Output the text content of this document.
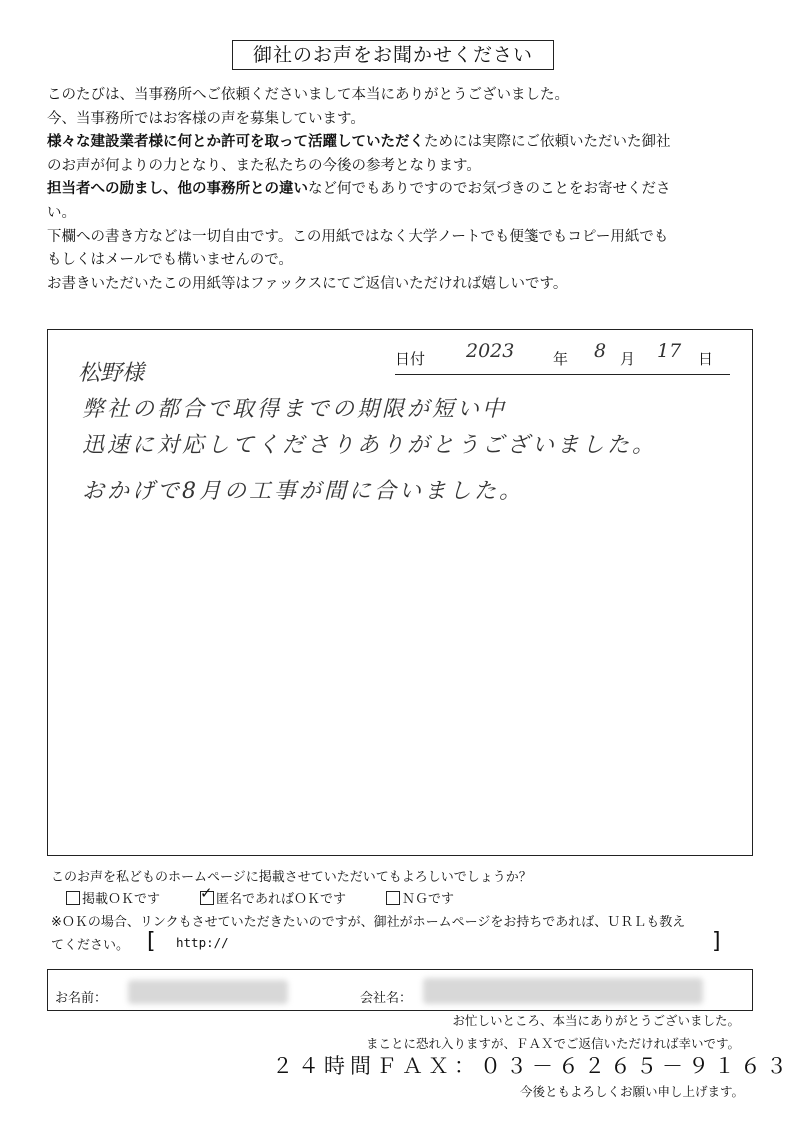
御社のお声をお聞かせください

このたびは、当事務所へご依頼くださいまして本当にありがとうございました。

今、当事務所ではお客様の声を募集しています。

様々な建設業者様に何とか許可を取って活躍していただくためには実際にご依頼いただいた御社

のお声が何よりの力となり、また私たちの今後の参考となります。

担当者への励まし、他の事務所との違いなど何でもありですのでお気づきのことをお寄せくださ

い。

下欄への書き方などは一切自由です。この用紙ではなく大学ノートでも便箋でもコピー用紙でも

もしくはメールでも構いませんので。

お書きいただいたこの用紙等はファックスにてご返信いただければ嬉しいです。

日付 2023	年 8 月 17 日
松野様
弊社の都合で取得までの期限が短い中
迅速に対応してくださりありがとうございました。
おかげで8月の工事が間に合いました。
このお声を私どものホームページに掲載させていただいてもよろしいでしょうか？
掲載ＯＫです	✓ 匿名であればＯＫです	ＮＧです
※ＯＫの場合、リンクもさせていただきたいのですが、御社がホームページをお持ちであれば、ＵＲＬも教え
てください。 [ http://	]
お名前：	会社名：
お忙しいところ、本当にありがとうございました。
まことに恐れ入りますが、ＦＡＸでご返信いただければ幸いです。
２４時間ＦＡＸ：０３－６２６５－９１６３
今後ともよろしくお願い申し上げます。
